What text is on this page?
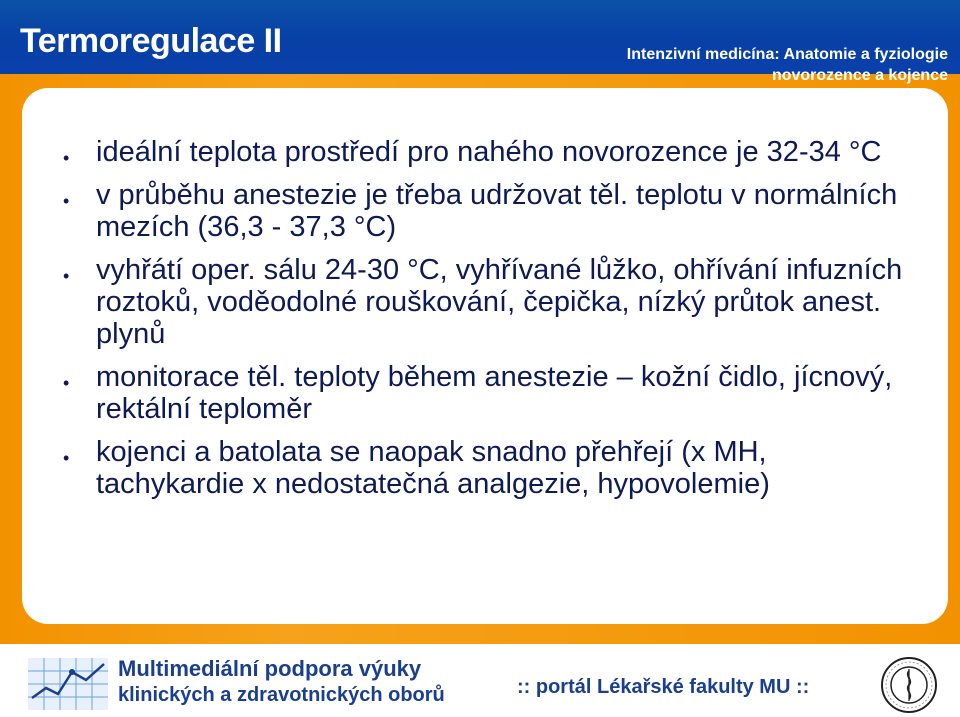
Termoregulace II	Intenzivní medicína: Anatomie a fyziologie novorozence a kojence
• ideální teplota prostředí pro nahého novorozence je 32-34 °C
• v průběhu anestezie je třeba udržovat těl. teplotu v normálních mezích (36,3 - 37,3 °C)
• vyhřátí oper. sálu 24-30 °C, vyhřívané lůžko, ohřívání infuzních roztoků, voděodolné rouškování, čepička, nízký průtok anest. plynů
• monitorace těl. teploty během anestezie – kožní čidlo, jícnový, rektální teploměr
• kojenci a batolata se naopak snadno přehřejí (x MH, tachykardie x nedostatečná analgezie, hypovolemie)
Multimediální podpora výuky
klinických a zdravotnických oborů	:: portál Lékařské fakulty MU ::
